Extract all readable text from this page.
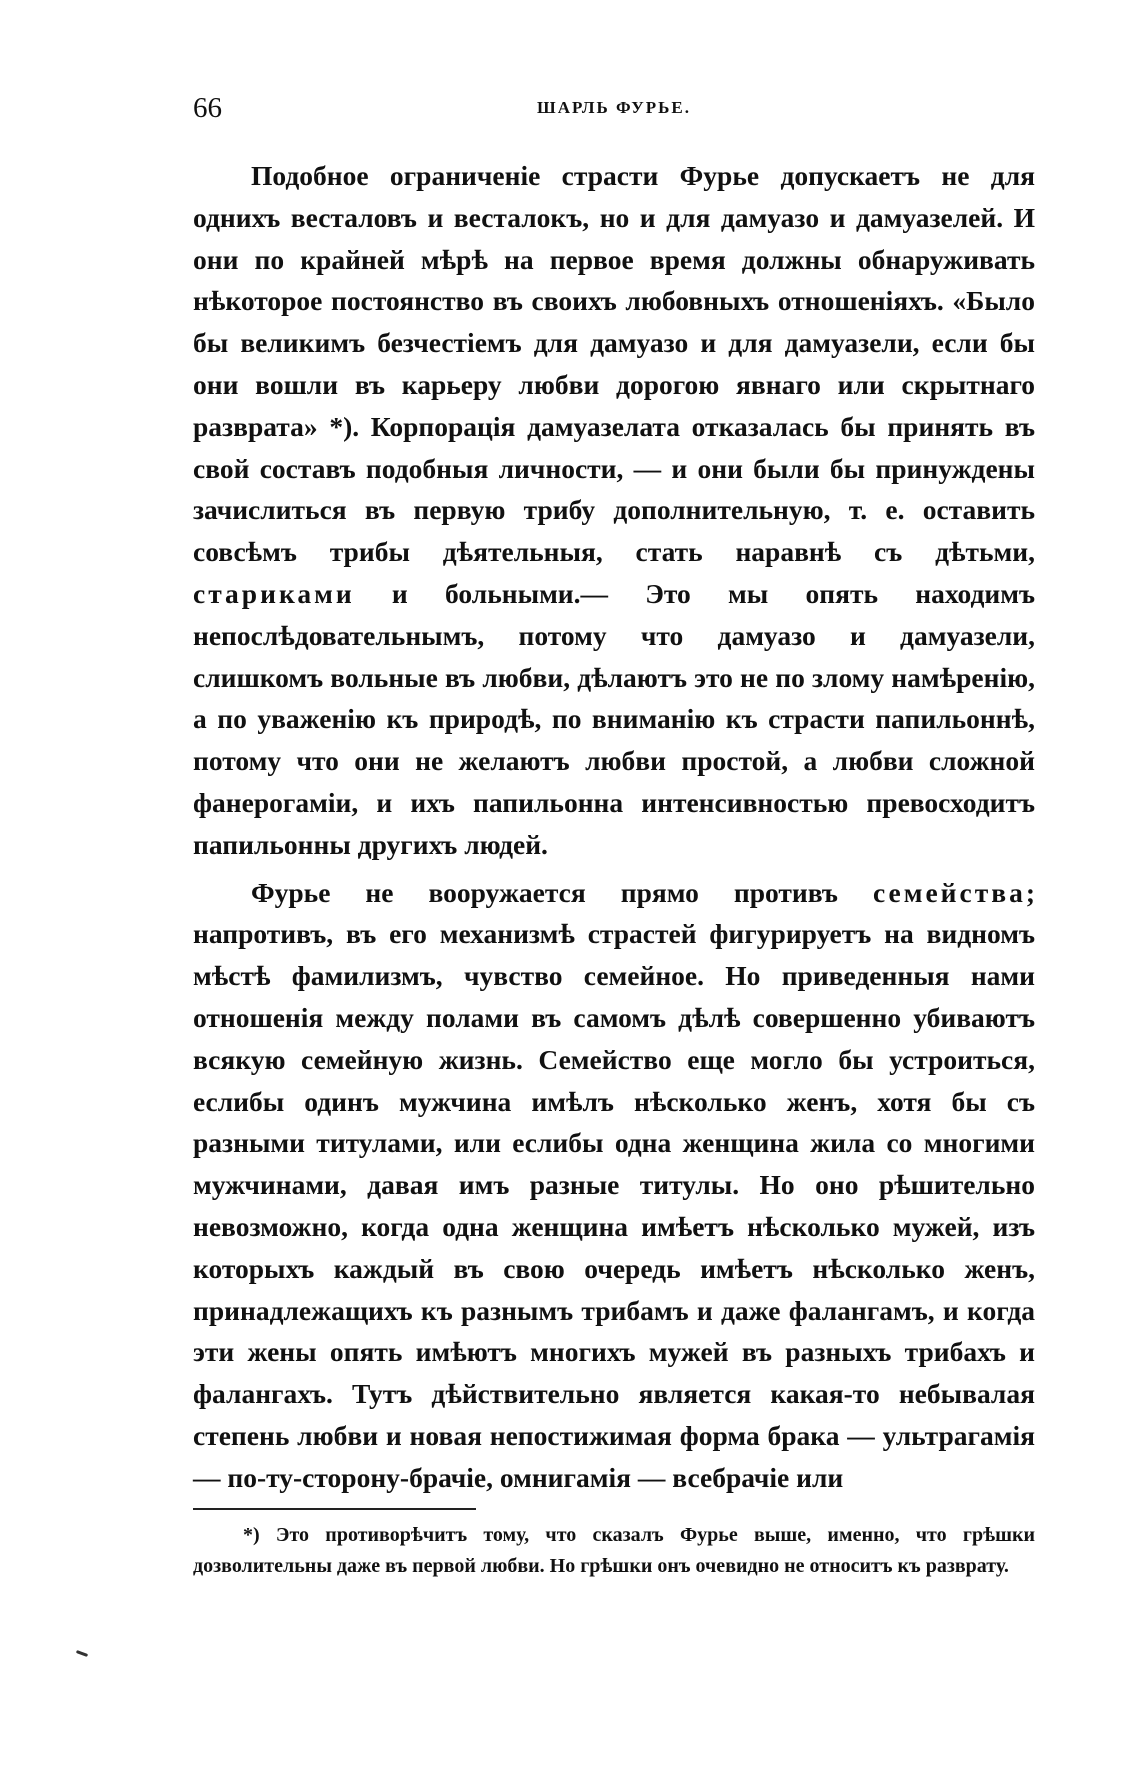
66	ШАРЛЬ ФУРЬЕ.

Подобное ограниченіе страсти Фурье допускаетъ не для однихъ весталовъ и весталокъ, но и для дамуазо и дамуазелей. И они по крайней мѣрѣ на первое время должны обнаруживать нѣкоторое постоянство въ своихъ любовныхъ отношеніяхъ. «Было бы великимъ безчестіемъ для дамуазо и для дамуазели, если бы они вошли въ карьеру любви дорогою явнаго или скрытнаго разврата» *). Корпорація дамуазелата отказалась бы принять въ свой составъ подобныя личности, — и они были бы принуждены зачислиться въ первую трибу дополнительную, т. е. оставить совсѣмъ трибы дѣятельныя, стать наравнѣ съ дѣтьми, стариками и больными.— Это мы опять находимъ непослѣдовательнымъ, потому что дамуазо и дамуазели, слишкомъ вольные въ любви, дѣлаютъ это не по злому намѣренію, а по уваженію къ природѣ, по вниманію къ страсти папильоннѣ, потому что они не желаютъ любви простой, а любви сложной фанерогаміи, и ихъ папильонна интенсивностью превосходитъ папильонны другихъ людей.

Фурье не вооружается прямо противъ семейства; напротивъ, въ его механизмѣ страстей фигурируетъ на видномъ мѣстѣ фамилизмъ, чувство семейное. Но приведенныя нами отношенія между полами въ самомъ дѣлѣ совершенно убиваютъ всякую семейную жизнь. Семейство еще могло бы устроиться, еслибы одинъ мужчина имѣлъ нѣсколько женъ, хотя бы съ разными титулами, или еслибы одна женщина жила со многими мужчинами, давая имъ разные титулы. Но оно рѣшительно невозможно, когда одна женщина имѣетъ нѣсколько мужей, изъ которыхъ каждый въ свою очередь имѣетъ нѣсколько женъ, принадлежащихъ къ разнымъ трибамъ и даже фалангамъ, и когда эти жены опять имѣютъ многихъ мужей въ разныхъ трибахъ и фалангахъ. Тутъ дѣйствительно является какая-то небывалая степень любви и новая непостижимая форма брака — ультрагамія — по-ту-сторону-брачіе, омнигамія — всебрачіе или

*) Это противорѣчитъ тому, что сказалъ Фурье выше, именно, что грѣшки дозволительны даже въ первой любви. Но грѣшки онъ очевидно не относитъ къ разврату.
